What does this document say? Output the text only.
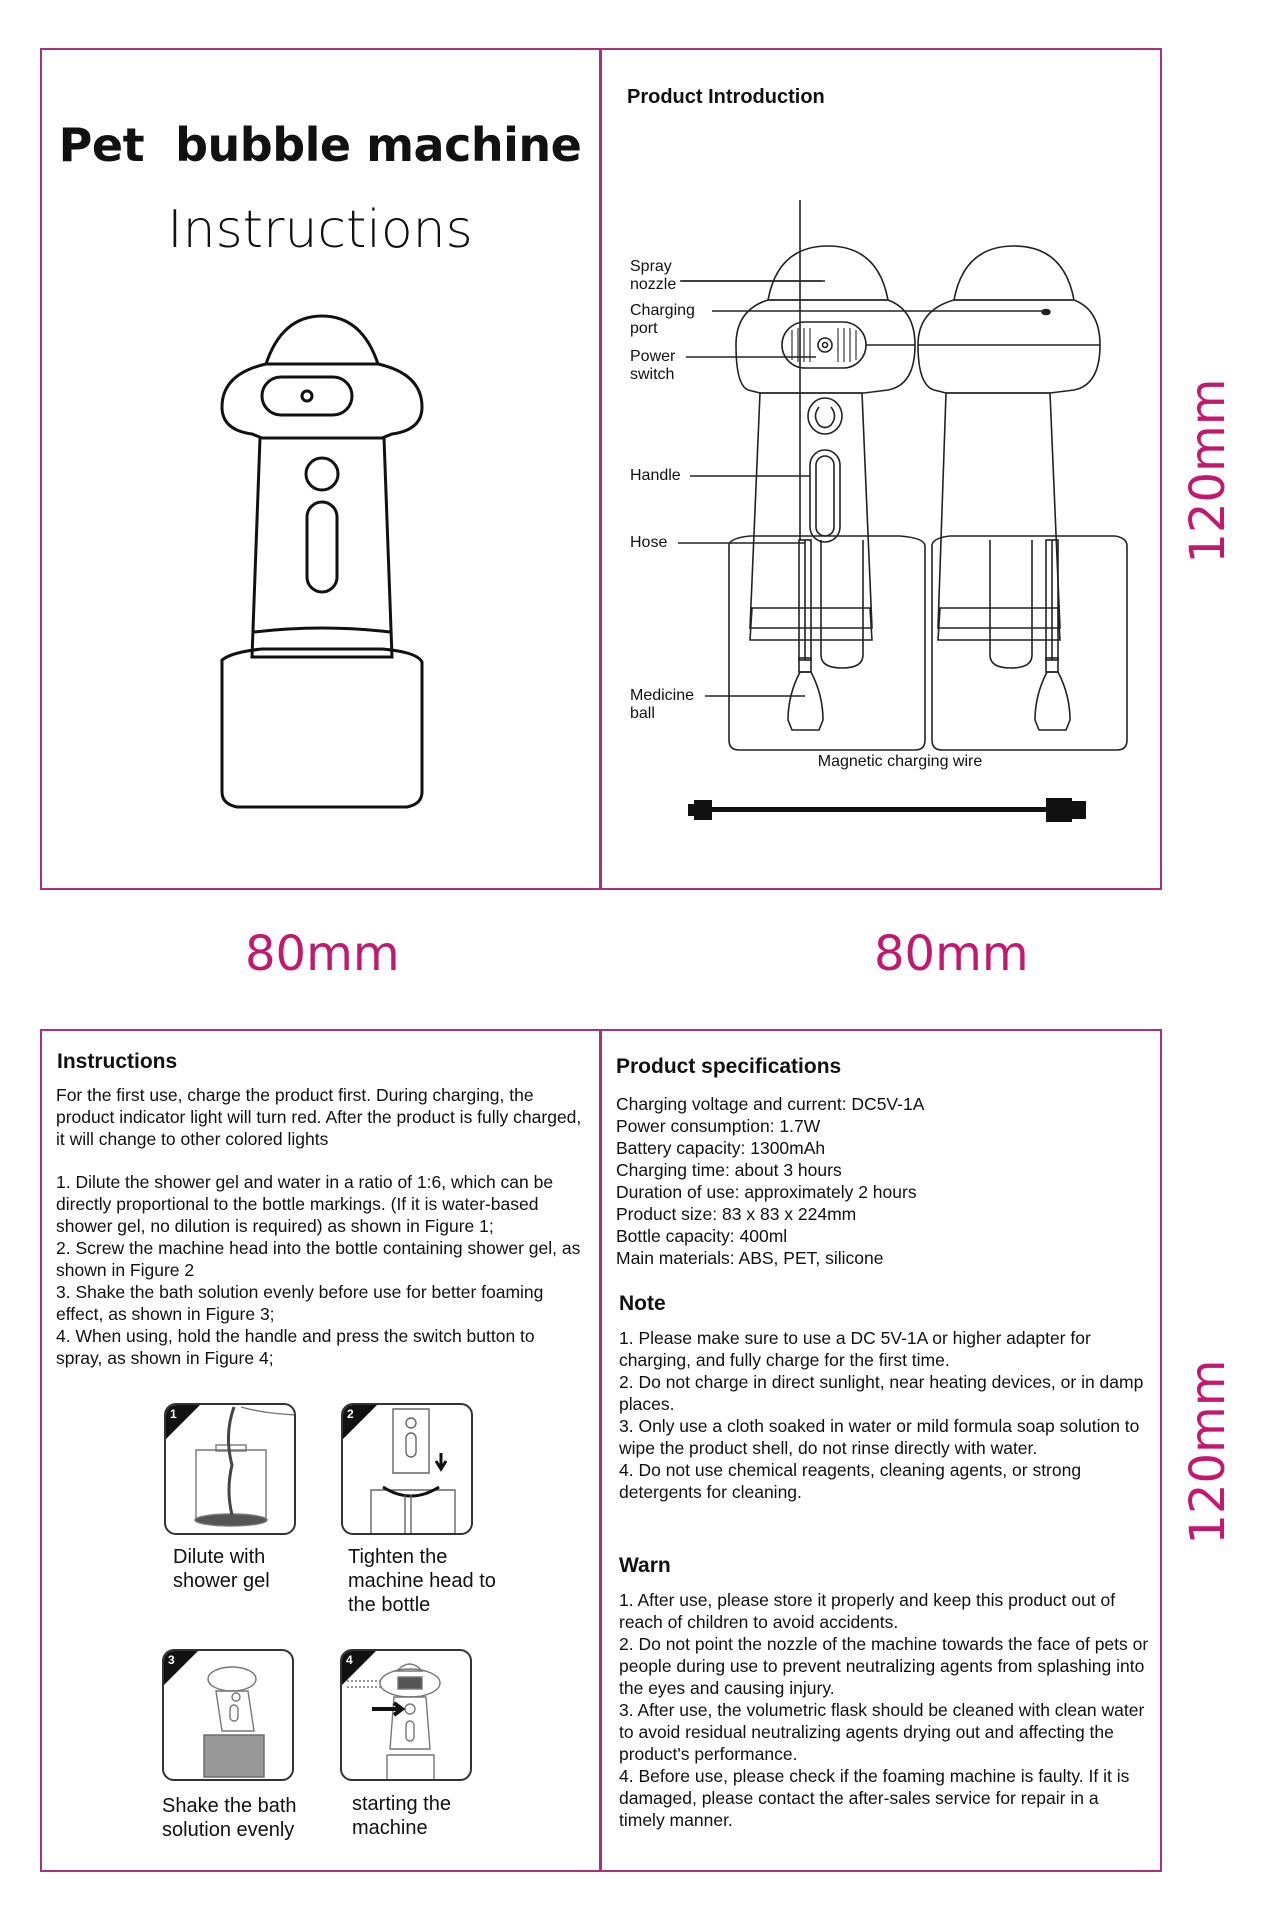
Pet  bubble machine
Instructions
Product Introduction
Spray
nozzle
Charging
port
Power
switch
Handle
Hose
Medicine
ball
Magnetic charging wire
80mm	80mm
120mm
120mm
Instructions

For the first use, charge the product first. During charging, the product indicator light will turn red. After the product is fully charged, it will change to other colored lights

1. Dilute the shower gel and water in a ratio of 1:6, which can be directly proportional to the bottle markings. (If it is water-based shower gel, no dilution is required) as shown in Figure 1;

2. Screw the machine head into the bottle containing shower gel, as shown in Figure 2

3. Shake the bath solution evenly before use for better foaming effect, as shown in Figure 3;

4. When using, hold the handle and press the switch button to spray, as shown in Figure 4;

1
Dilute with shower gel
2
Tighten the machine head to the bottle
3
Shake the bath solution evenly
4
starting the machine
Product specifications

Charging voltage and current: DC5V-1A

Power consumption: 1.7W

Battery capacity: 1300mAh

Charging time: about 3 hours

Duration of use: approximately 2 hours

Product size: 83 x 83 x 224mm

Bottle capacity: 400ml

Main materials: ABS, PET, silicone

Note

1. Please make sure to use a DC 5V-1A or higher adapter for charging, and fully charge for the first time.

2. Do not charge in direct sunlight, near heating devices, or in damp places.

3. Only use a cloth soaked in water or mild formula soap solution to wipe the product shell, do not rinse directly with water.

4. Do not use chemical reagents, cleaning agents, or strong detergents for cleaning.

Warn

1. After use, please store it properly and keep this product out of reach of children to avoid accidents.

2. Do not point the nozzle of the machine towards the face of pets or people during use to prevent neutralizing agents from splashing into the eyes and causing injury.

3. After use, the volumetric flask should be cleaned with clean water to avoid residual neutralizing agents drying out and affecting the product's performance.

4. Before use, please check if the foaming machine is faulty. If it is damaged, please contact the after-sales service for repair in a timely manner.
